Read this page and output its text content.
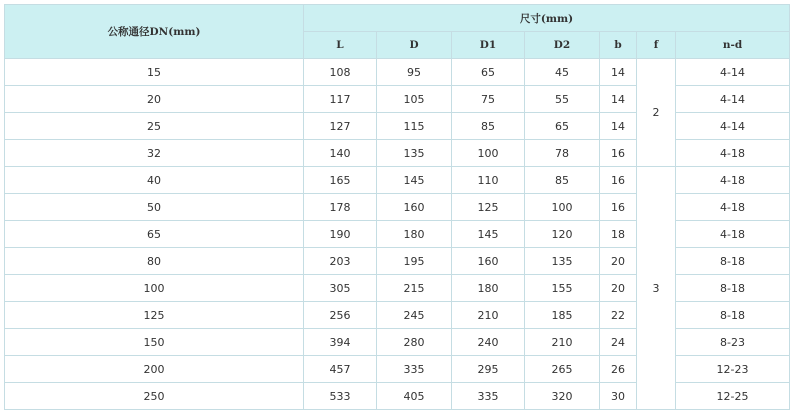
公称通径DN(mm)	尺寸(mm)						
	L	D	D1	D2	b	f	n-d
15	108	95	65	45	14	2	4-14
20	117	105	75	55	14		4-14
25	127	115	85	65	14		4-14
32	140	135	100	78	16		4-18
40	165	145	110	85	16	3	4-18
50	178	160	125	100	16		4-18
65	190	180	145	120	18		4-18
80	203	195	160	135	20		8-18
100	305	215	180	155	20		8-18
125	256	245	210	185	22		8-18
150	394	280	240	210	24		8-23
200	457	335	295	265	26		12-23
250	533	405	335	320	30		12-25
